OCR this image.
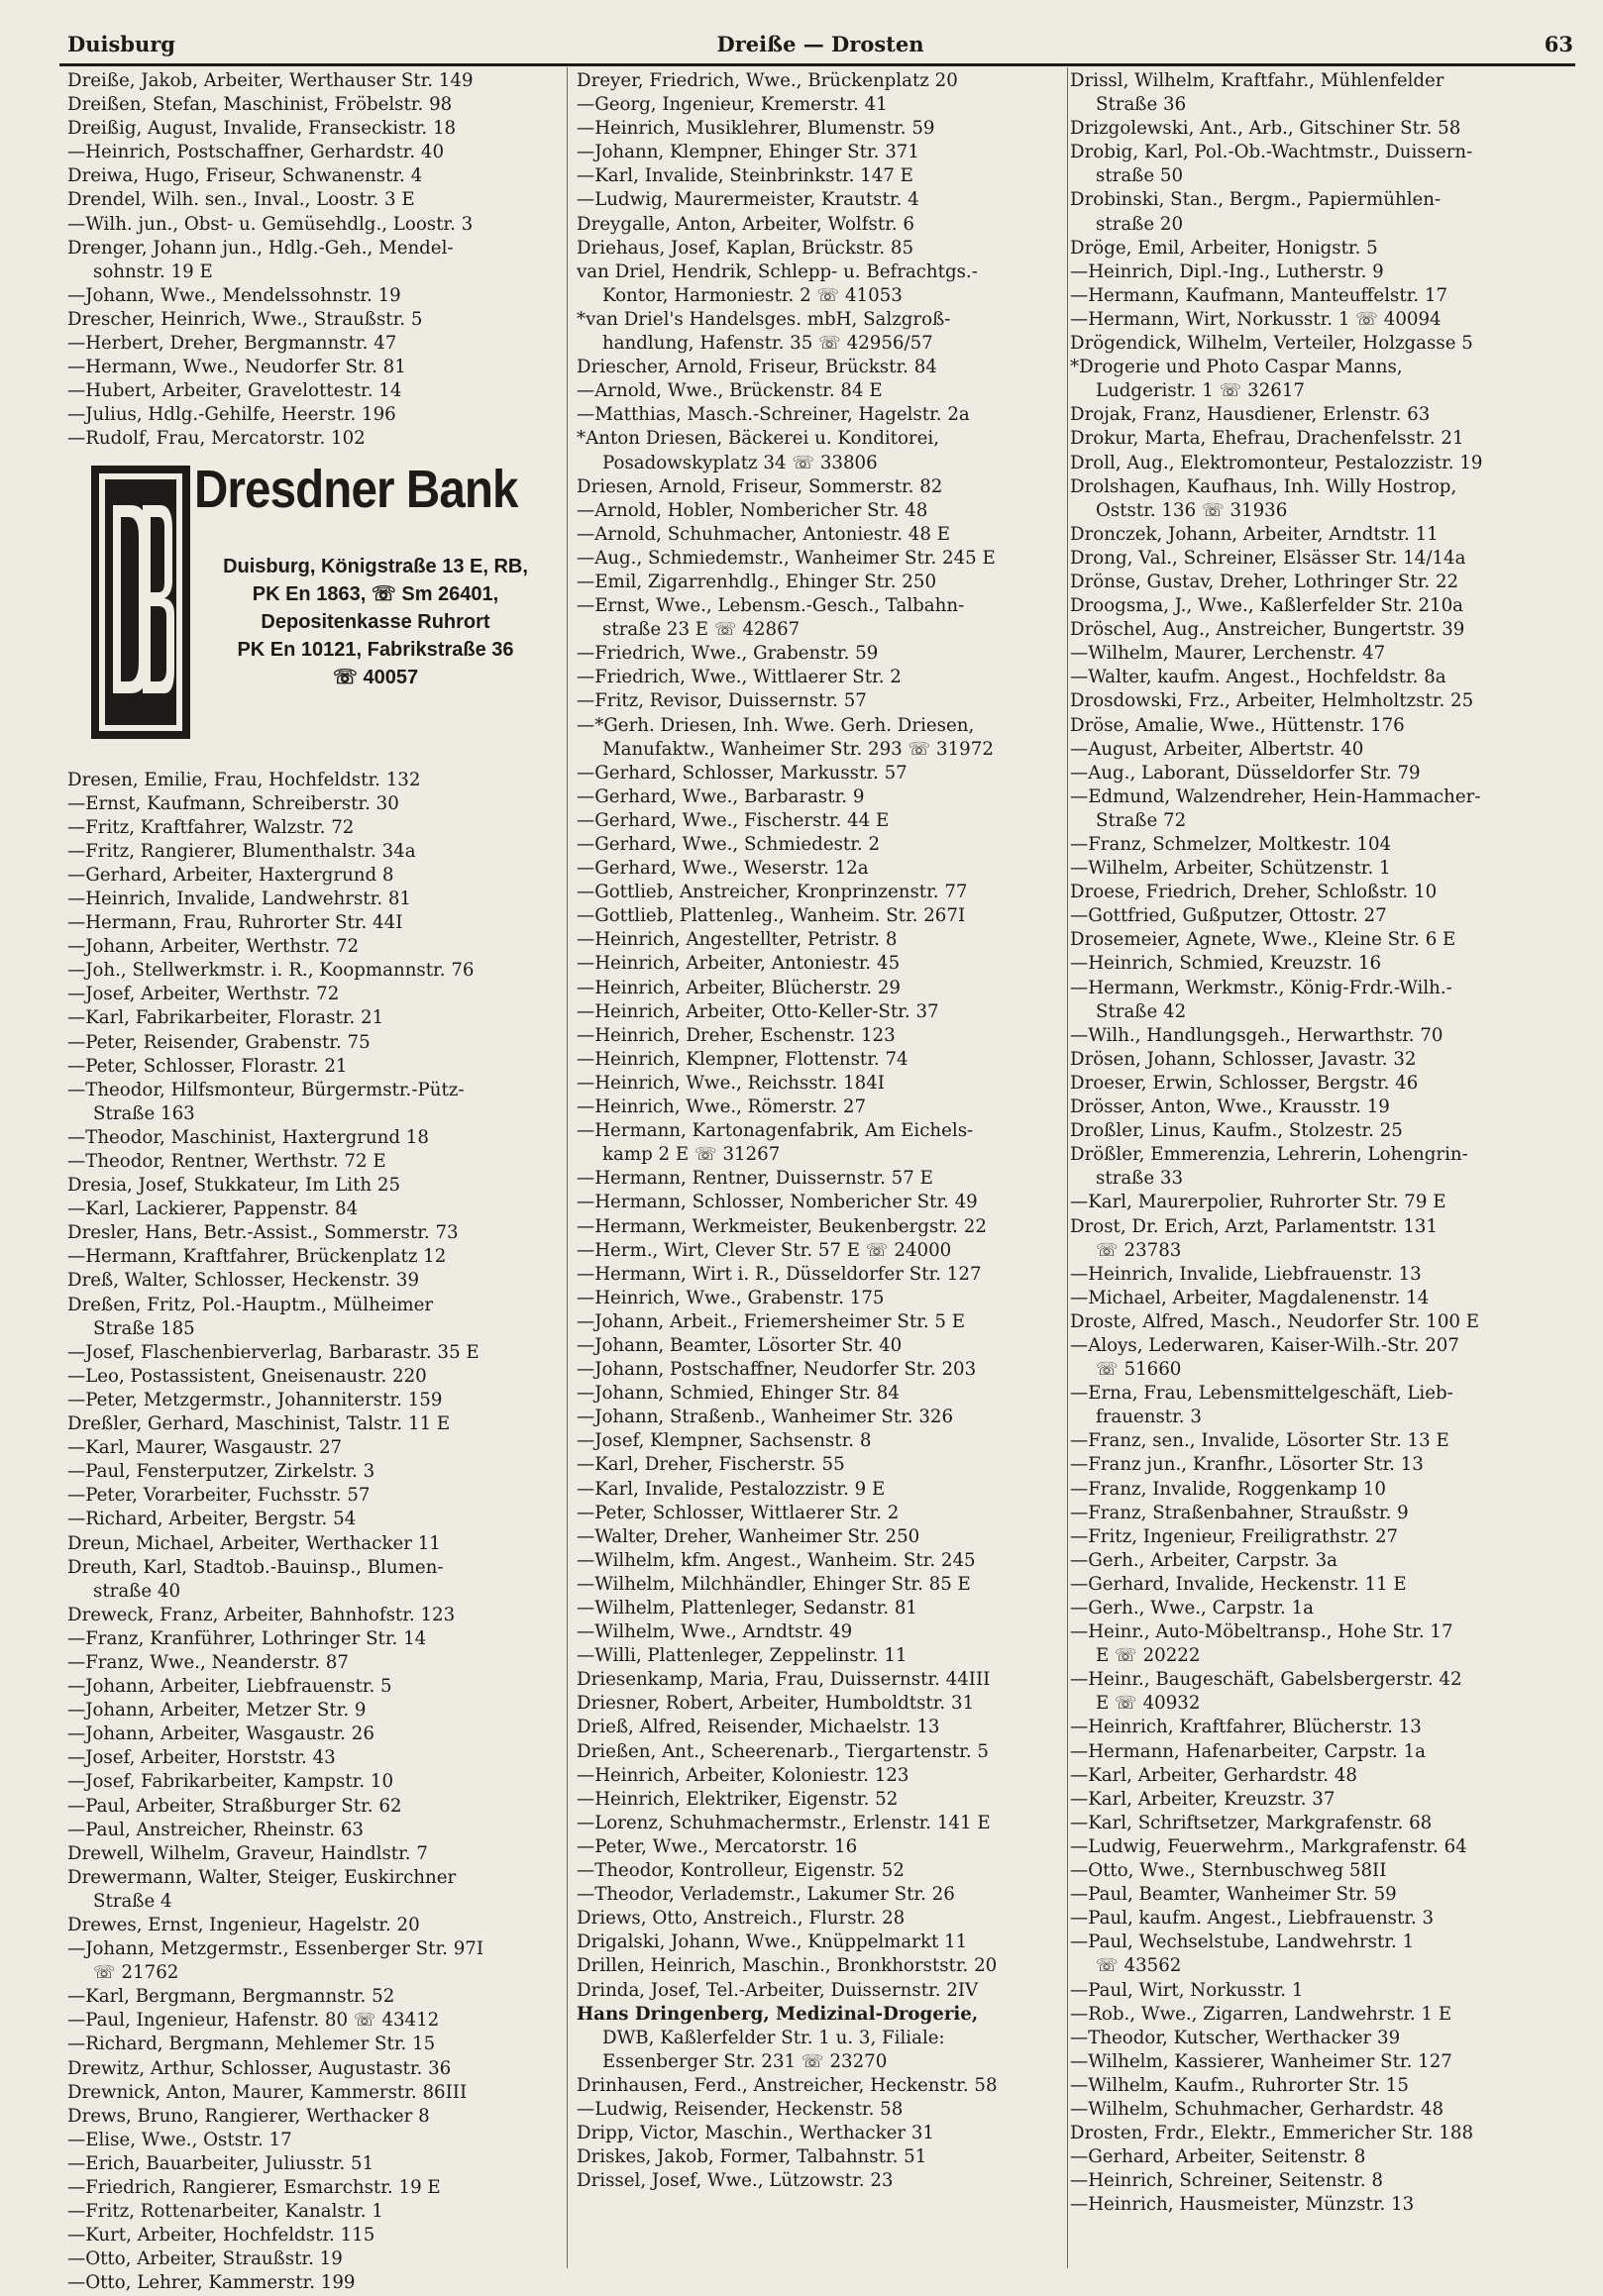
Duisburg	Dreiße — Drosten	63
Dreiße, Jakob, Arbeiter, Werthauser Str. 149
Dreißen, Stefan, Maschinist, Fröbelstr. 98
Dreißig, August, Invalide, Franseckistr. 18
—Heinrich, Postschaffner, Gerhardstr. 40
Dreiwa, Hugo, Friseur, Schwanenstr. 4
Drendel, Wilh. sen., Inval., Loostr. 3 E
—Wilh. jun., Obst- u. Gemüsehdlg., Loostr. 3
Drenger, Johann jun., Hdlg.-Geh., Mendel-
sohnstr. 19 E
—Johann, Wwe., Mendelssohnstr. 19
Drescher, Heinrich, Wwe., Straußstr. 5
—Herbert, Dreher, Bergmannstr. 47
—Hermann, Wwe., Neudorfer Str. 81
—Hubert, Arbeiter, Gravelottestr. 14
—Julius, Hdlg.-Gehilfe, Heerstr. 196
—Rudolf, Frau, Mercatorstr. 102
Dresdner Bank
Duisburg, Königstraße 13 E, RB,
PK En 1863, ☏ Sm 26401,
Depositenkasse Ruhrort
PK En 10121, Fabrikstraße 36
☏ 40057
Dresen, Emilie, Frau, Hochfeldstr. 132
—Ernst, Kaufmann, Schreiberstr. 30
—Fritz, Kraftfahrer, Walzstr. 72
—Fritz, Rangierer, Blumenthalstr. 34a
—Gerhard, Arbeiter, Haxtergrund 8
—Heinrich, Invalide, Landwehrstr. 81
—Hermann, Frau, Ruhrorter Str. 44I
—Johann, Arbeiter, Werthstr. 72
—Joh., Stellwerkmstr. i. R., Koopmannstr. 76
—Josef, Arbeiter, Werthstr. 72
—Karl, Fabrikarbeiter, Florastr. 21
—Peter, Reisender, Grabenstr. 75
—Peter, Schlosser, Florastr. 21
—Theodor, Hilfsmonteur, Bürgermstr.-Pütz-
Straße 163
—Theodor, Maschinist, Haxtergrund 18
—Theodor, Rentner, Werthstr. 72 E
Dresia, Josef, Stukkateur, Im Lith 25
—Karl, Lackierer, Pappenstr. 84
Dresler, Hans, Betr.-Assist., Sommerstr. 73
—Hermann, Kraftfahrer, Brückenplatz 12
Dreß, Walter, Schlosser, Heckenstr. 39
Dreßen, Fritz, Pol.-Hauptm., Mülheimer
Straße 185
—Josef, Flaschenbierverlag, Barbarastr. 35 E
—Leo, Postassistent, Gneisenaustr. 220
—Peter, Metzgermstr., Johanniterstr. 159
Dreßler, Gerhard, Maschinist, Talstr. 11 E
—Karl, Maurer, Wasgaustr. 27
—Paul, Fensterputzer, Zirkelstr. 3
—Peter, Vorarbeiter, Fuchsstr. 57
—Richard, Arbeiter, Bergstr. 54
Dreun, Michael, Arbeiter, Werthacker 11
Dreuth, Karl, Stadtob.-Bauinsp., Blumen-
straße 40
Dreweck, Franz, Arbeiter, Bahnhofstr. 123
—Franz, Kranführer, Lothringer Str. 14
—Franz, Wwe., Neanderstr. 87
—Johann, Arbeiter, Liebfrauenstr. 5
—Johann, Arbeiter, Metzer Str. 9
—Johann, Arbeiter, Wasgaustr. 26
—Josef, Arbeiter, Horststr. 43
—Josef, Fabrikarbeiter, Kampstr. 10
—Paul, Arbeiter, Straßburger Str. 62
—Paul, Anstreicher, Rheinstr. 63
Drewell, Wilhelm, Graveur, Haindlstr. 7
Drewermann, Walter, Steiger, Euskirchner
Straße 4
Drewes, Ernst, Ingenieur, Hagelstr. 20
—Johann, Metzgermstr., Essenberger Str. 97I
☏ 21762
—Karl, Bergmann, Bergmannstr. 52
—Paul, Ingenieur, Hafenstr. 80 ☏ 43412
—Richard, Bergmann, Mehlemer Str. 15
Drewitz, Arthur, Schlosser, Augustastr. 36
Drewnick, Anton, Maurer, Kammerstr. 86III
Drews, Bruno, Rangierer, Werthacker 8
—Elise, Wwe., Oststr. 17
—Erich, Bauarbeiter, Juliusstr. 51
—Friedrich, Rangierer, Esmarchstr. 19 E
—Fritz, Rottenarbeiter, Kanalstr. 1
—Kurt, Arbeiter, Hochfeldstr. 115
—Otto, Arbeiter, Straußstr. 19
—Otto, Lehrer, Kammerstr. 199
Dreyer, Friedrich, Wwe., Brückenplatz 20
—Georg, Ingenieur, Kremerstr. 41
—Heinrich, Musiklehrer, Blumenstr. 59
—Johann, Klempner, Ehinger Str. 371
—Karl, Invalide, Steinbrinkstr. 147 E
—Ludwig, Maurermeister, Krautstr. 4
Dreygalle, Anton, Arbeiter, Wolfstr. 6
Driehaus, Josef, Kaplan, Brückstr. 85
van Driel, Hendrik, Schlepp- u. Befrachtgs.-
Kontor, Harmoniestr. 2 ☏ 41053
*van Driel's Handelsges. mbH, Salzgroß-
handlung, Hafenstr. 35 ☏ 42956/57
Driescher, Arnold, Friseur, Brückstr. 84
—Arnold, Wwe., Brückenstr. 84 E
—Matthias, Masch.-Schreiner, Hagelstr. 2a
*Anton Driesen, Bäckerei u. Konditorei,
Posadowskyplatz 34 ☏ 33806
Driesen, Arnold, Friseur, Sommerstr. 82
—Arnold, Hobler, Nombericher Str. 48
—Arnold, Schuhmacher, Antoniestr. 48 E
—Aug., Schmiedemstr., Wanheimer Str. 245 E
—Emil, Zigarrenhdlg., Ehinger Str. 250
—Ernst, Wwe., Lebensm.-Gesch., Talbahn-
straße 23 E ☏ 42867
—Friedrich, Wwe., Grabenstr. 59
—Friedrich, Wwe., Wittlaerer Str. 2
—Fritz, Revisor, Duissernstr. 57
—*Gerh. Driesen, Inh. Wwe. Gerh. Driesen,
Manufaktw., Wanheimer Str. 293 ☏ 31972
—Gerhard, Schlosser, Markusstr. 57
—Gerhard, Wwe., Barbarastr. 9
—Gerhard, Wwe., Fischerstr. 44 E
—Gerhard, Wwe., Schmiedestr. 2
—Gerhard, Wwe., Weserstr. 12a
—Gottlieb, Anstreicher, Kronprinzenstr. 77
—Gottlieb, Plattenleg., Wanheim. Str. 267I
—Heinrich, Angestellter, Petristr. 8
—Heinrich, Arbeiter, Antoniestr. 45
—Heinrich, Arbeiter, Blücherstr. 29
—Heinrich, Arbeiter, Otto-Keller-Str. 37
—Heinrich, Dreher, Eschenstr. 123
—Heinrich, Klempner, Flottenstr. 74
—Heinrich, Wwe., Reichsstr. 184I
—Heinrich, Wwe., Römerstr. 27
—Hermann, Kartonagenfabrik, Am Eichels-
kamp 2 E ☏ 31267
—Hermann, Rentner, Duissernstr. 57 E
—Hermann, Schlosser, Nombericher Str. 49
—Hermann, Werkmeister, Beukenbergstr. 22
—Herm., Wirt, Clever Str. 57 E ☏ 24000
—Hermann, Wirt i. R., Düsseldorfer Str. 127
—Heinrich, Wwe., Grabenstr. 175
—Johann, Arbeit., Friemersheimer Str. 5 E
—Johann, Beamter, Lösorter Str. 40
—Johann, Postschaffner, Neudorfer Str. 203
—Johann, Schmied, Ehinger Str. 84
—Johann, Straßenb., Wanheimer Str. 326
—Josef, Klempner, Sachsenstr. 8
—Karl, Dreher, Fischerstr. 55
—Karl, Invalide, Pestalozzistr. 9 E
—Peter, Schlosser, Wittlaerer Str. 2
—Walter, Dreher, Wanheimer Str. 250
—Wilhelm, kfm. Angest., Wanheim. Str. 245
—Wilhelm, Milchhändler, Ehinger Str. 85 E
—Wilhelm, Plattenleger, Sedanstr. 81
—Wilhelm, Wwe., Arndtstr. 49
—Willi, Plattenleger, Zeppelinstr. 11
Driesenkamp, Maria, Frau, Duissernstr. 44III
Driesner, Robert, Arbeiter, Humboldtstr. 31
Drieß, Alfred, Reisender, Michaelstr. 13
Drießen, Ant., Scheerenarb., Tiergartenstr. 5
—Heinrich, Arbeiter, Koloniestr. 123
—Heinrich, Elektriker, Eigenstr. 52
—Lorenz, Schuhmachermstr., Erlenstr. 141 E
—Peter, Wwe., Mercatorstr. 16
—Theodor, Kontrolleur, Eigenstr. 52
—Theodor, Verlademstr., Lakumer Str. 26
Driews, Otto, Anstreich., Flurstr. 28
Drigalski, Johann, Wwe., Knüppelmarkt 11
Drillen, Heinrich, Maschin., Bronkhorststr. 20
Drinda, Josef, Tel.-Arbeiter, Duissernstr. 2IV
Hans Dringenberg, Medizinal-Drogerie,
DWB, Kaßlerfelder Str. 1 u. 3, Filiale:
Essenberger Str. 231 ☏ 23270
Drinhausen, Ferd., Anstreicher, Heckenstr. 58
—Ludwig, Reisender, Heckenstr. 58
Dripp, Victor, Maschin., Werthacker 31
Driskes, Jakob, Former, Talbahnstr. 51
Drissel, Josef, Wwe., Lützowstr. 23
Drissl, Wilhelm, Kraftfahr., Mühlenfelder
Straße 36
Drizgolewski, Ant., Arb., Gitschiner Str. 58
Drobig, Karl, Pol.-Ob.-Wachtmstr., Duissern-
straße 50
Drobinski, Stan., Bergm., Papiermühlen-
straße 20
Dröge, Emil, Arbeiter, Honigstr. 5
—Heinrich, Dipl.-Ing., Lutherstr. 9
—Hermann, Kaufmann, Manteuffelstr. 17
—Hermann, Wirt, Norkusstr. 1 ☏ 40094
Drögendick, Wilhelm, Verteiler, Holzgasse 5
*Drogerie und Photo Caspar Manns,
Ludgeristr. 1 ☏ 32617
Drojak, Franz, Hausdiener, Erlenstr. 63
Drokur, Marta, Ehefrau, Drachenfelsstr. 21
Droll, Aug., Elektromonteur, Pestalozzistr. 19
Drolshagen, Kaufhaus, Inh. Willy Hostrop,
Oststr. 136 ☏ 31936
Dronczek, Johann, Arbeiter, Arndtstr. 11
Drong, Val., Schreiner, Elsässer Str. 14/14a
Drönse, Gustav, Dreher, Lothringer Str. 22
Droogsma, J., Wwe., Kaßlerfelder Str. 210a
Dröschel, Aug., Anstreicher, Bungertstr. 39
—Wilhelm, Maurer, Lerchenstr. 47
—Walter, kaufm. Angest., Hochfeldstr. 8a
Drosdowski, Frz., Arbeiter, Helmholtzstr. 25
Dröse, Amalie, Wwe., Hüttenstr. 176
—August, Arbeiter, Albertstr. 40
—Aug., Laborant, Düsseldorfer Str. 79
—Edmund, Walzendreher, Hein-Hammacher-
Straße 72
—Franz, Schmelzer, Moltkestr. 104
—Wilhelm, Arbeiter, Schützenstr. 1
Droese, Friedrich, Dreher, Schloßstr. 10
—Gottfried, Gußputzer, Ottostr. 27
Drosemeier, Agnete, Wwe., Kleine Str. 6 E
—Heinrich, Schmied, Kreuzstr. 16
—Hermann, Werkmstr., König-Frdr.-Wilh.-
Straße 42
—Wilh., Handlungsgeh., Herwarthstr. 70
Drösen, Johann, Schlosser, Javastr. 32
Droeser, Erwin, Schlosser, Bergstr. 46
Drösser, Anton, Wwe., Krausstr. 19
Droßler, Linus, Kaufm., Stolzestr. 25
Drößler, Emmerenzia, Lehrerin, Lohengrin-
straße 33
—Karl, Maurerpolier, Ruhrorter Str. 79 E
Drost, Dr. Erich, Arzt, Parlamentstr. 131
☏ 23783
—Heinrich, Invalide, Liebfrauenstr. 13
—Michael, Arbeiter, Magdalenenstr. 14
Droste, Alfred, Masch., Neudorfer Str. 100 E
—Aloys, Lederwaren, Kaiser-Wilh.-Str. 207
☏ 51660
—Erna, Frau, Lebensmittelgeschäft, Lieb-
frauenstr. 3
—Franz, sen., Invalide, Lösorter Str. 13 E
—Franz jun., Kranfhr., Lösorter Str. 13
—Franz, Invalide, Roggenkamp 10
—Franz, Straßenbahner, Straußstr. 9
—Fritz, Ingenieur, Freiligrathstr. 27
—Gerh., Arbeiter, Carpstr. 3a
—Gerhard, Invalide, Heckenstr. 11 E
—Gerh., Wwe., Carpstr. 1a
—Heinr., Auto-Möbeltransp., Hohe Str. 17
E ☏ 20222
—Heinr., Baugeschäft, Gabelsbergerstr. 42
E ☏ 40932
—Heinrich, Kraftfahrer, Blücherstr. 13
—Hermann, Hafenarbeiter, Carpstr. 1a
—Karl, Arbeiter, Gerhardstr. 48
—Karl, Arbeiter, Kreuzstr. 37
—Karl, Schriftsetzer, Markgrafenstr. 68
—Ludwig, Feuerwehrm., Markgrafenstr. 64
—Otto, Wwe., Sternbuschweg 58II
—Paul, Beamter, Wanheimer Str. 59
—Paul, kaufm. Angest., Liebfrauenstr. 3
—Paul, Wechselstube, Landwehrstr. 1
☏ 43562
—Paul, Wirt, Norkusstr. 1
—Rob., Wwe., Zigarren, Landwehrstr. 1 E
—Theodor, Kutscher, Werthacker 39
—Wilhelm, Kassierer, Wanheimer Str. 127
—Wilhelm, Kaufm., Ruhrorter Str. 15
—Wilhelm, Schuhmacher, Gerhardstr. 48
Drosten, Frdr., Elektr., Emmericher Str. 188
—Gerhard, Arbeiter, Seitenstr. 8
—Heinrich, Schreiner, Seitenstr. 8
—Heinrich, Hausmeister, Münzstr. 13
